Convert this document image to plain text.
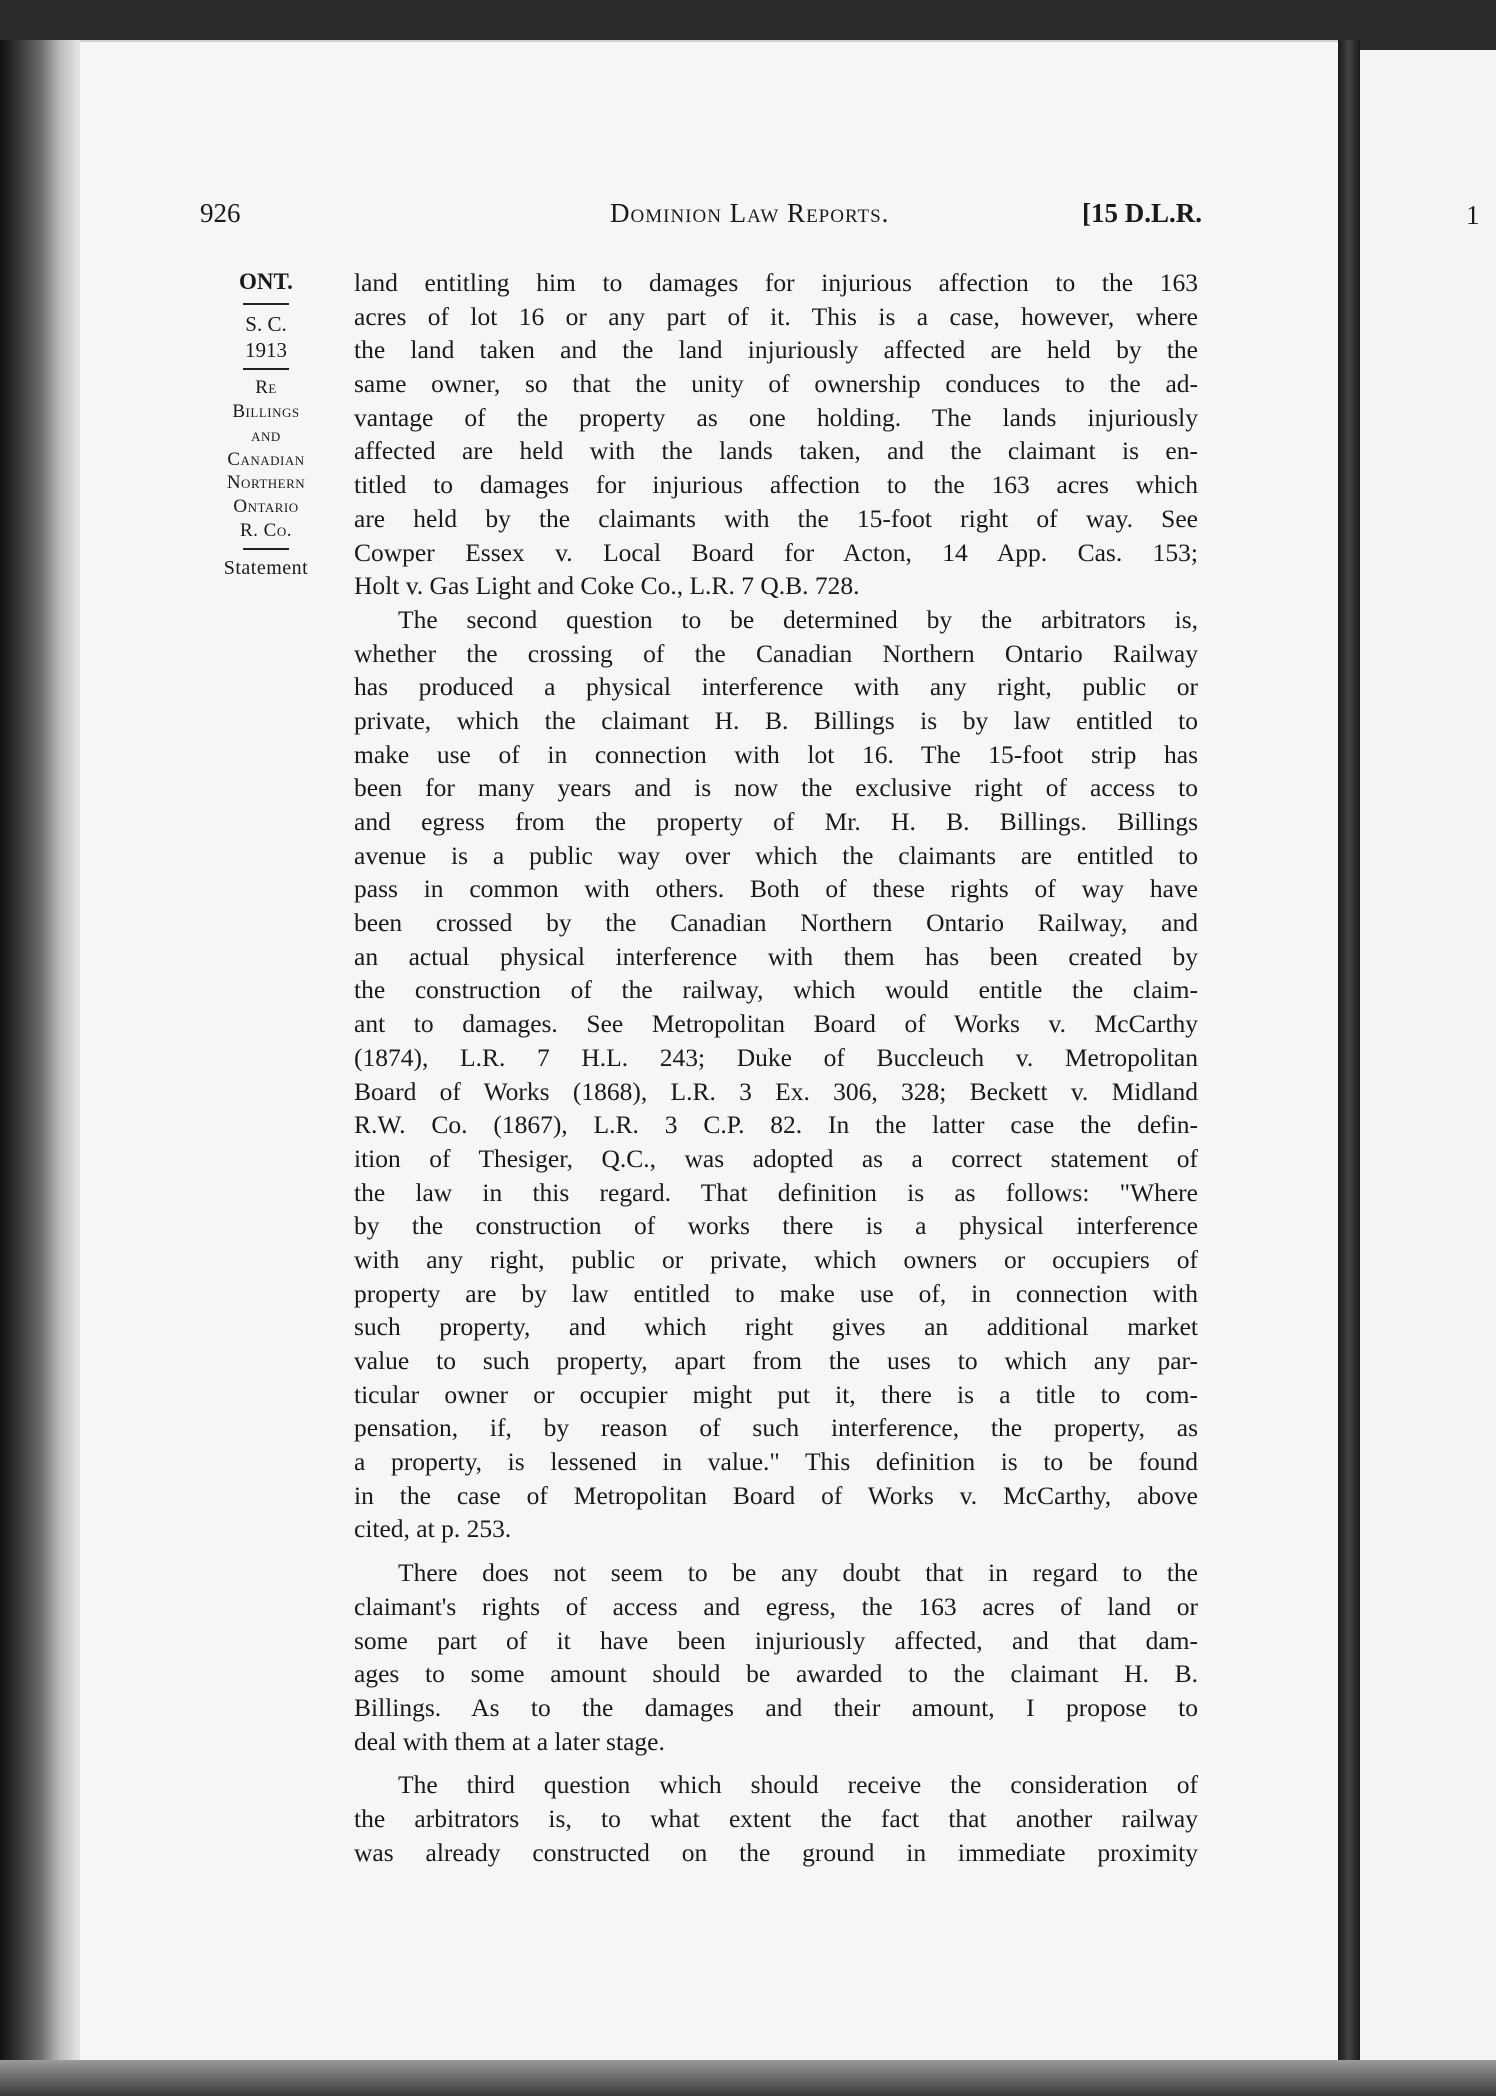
926	Dominion Law Reports.	[15 D.L.R.
ONT.
S. C.
1913
Re
Billings
and
Canadian
Northern
Ontario
R. Co.
Statement
land entitling him to damages for injurious affection to the 163
acres of lot 16 or any part of it. This is a case, however, where
the land taken and the land injuriously affected are held by the
same owner, so that the unity of ownership conduces to the ad-
vantage of the property as one holding. The lands injuriously
affected are held with the lands taken, and the claimant is en-
titled to damages for injurious affection to the 163 acres which
are held by the claimants with the 15-foot right of way. See
Cowper Essex v. Local Board for Acton, 14 App. Cas. 153;
Holt v. Gas Light and Coke Co., L.R. 7 Q.B. 728.
The second question to be determined by the arbitrators is,
whether the crossing of the Canadian Northern Ontario Railway
has produced a physical interference with any right, public or
private, which the claimant H. B. Billings is by law entitled to
make use of in connection with lot 16. The 15-foot strip has
been for many years and is now the exclusive right of access to
and egress from the property of Mr. H. B. Billings. Billings
avenue is a public way over which the claimants are entitled to
pass in common with others. Both of these rights of way have
been crossed by the Canadian Northern Ontario Railway, and
an actual physical interference with them has been created by
the construction of the railway, which would entitle the claim-
ant to damages. See Metropolitan Board of Works v. McCarthy
(1874), L.R. 7 H.L. 243; Duke of Buccleuch v. Metropolitan
Board of Works (1868), L.R. 3 Ex. 306, 328; Beckett v. Midland
R.W. Co. (1867), L.R. 3 C.P. 82. In the latter case the defin-
ition of Thesiger, Q.C., was adopted as a correct statement of
the law in this regard. That definition is as follows: "Where
by the construction of works there is a physical interference
with any right, public or private, which owners or occupiers of
property are by law entitled to make use of, in connection with
such property, and which right gives an additional market
value to such property, apart from the uses to which any par-
ticular owner or occupier might put it, there is a title to com-
pensation, if, by reason of such interference, the property, as
a property, is lessened in value." This definition is to be found
in the case of Metropolitan Board of Works v. McCarthy, above
cited, at p. 253.
There does not seem to be any doubt that in regard to the
claimant's rights of access and egress, the 163 acres of land or
some part of it have been injuriously affected, and that dam-
ages to some amount should be awarded to the claimant H. B.
Billings. As to the damages and their amount, I propose to
deal with them at a later stage.
The third question which should receive the consideration of
the arbitrators is, to what extent the fact that another railway
was already constructed on the ground in immediate proximity
1
